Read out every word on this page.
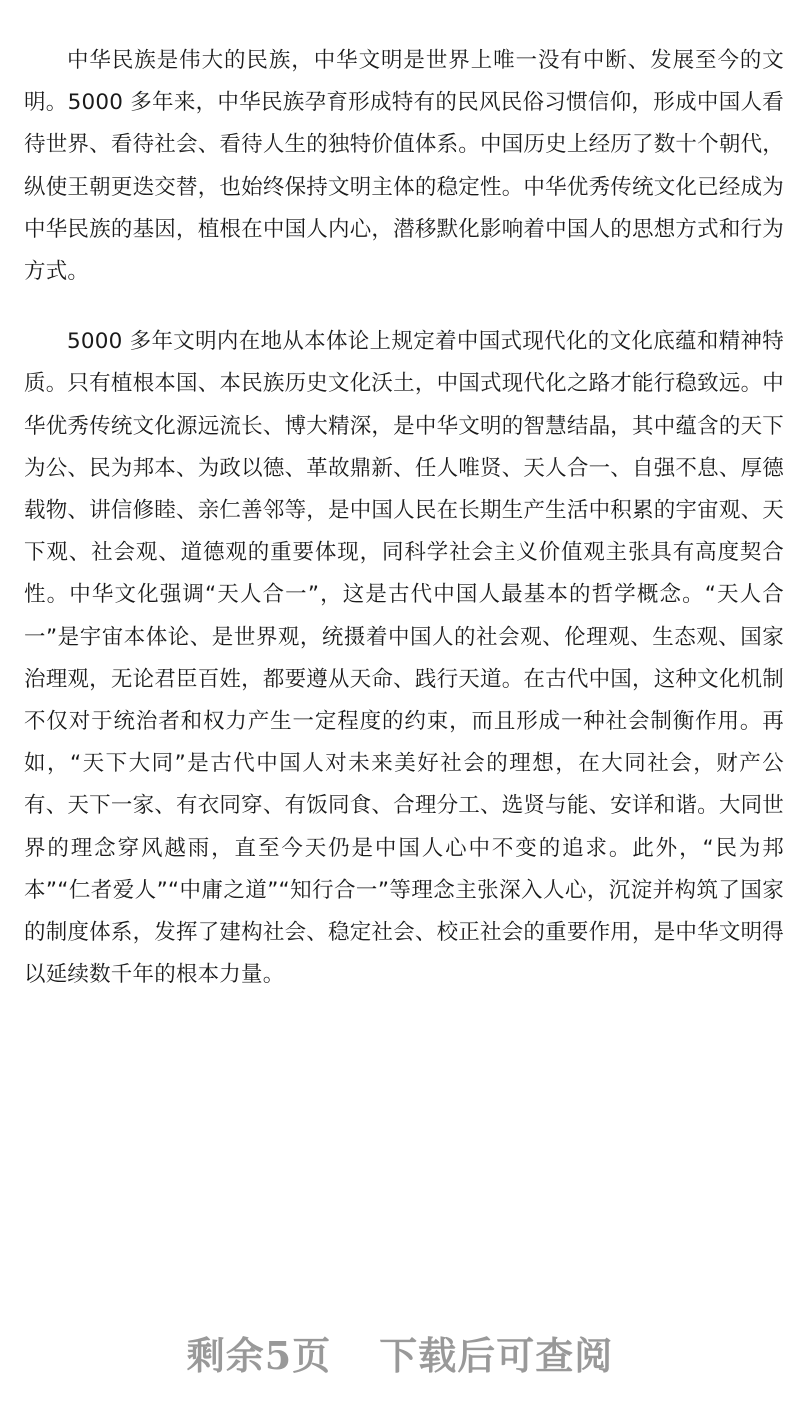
中华民族是伟大的民族，中华文明是世界上唯一没有中断、发展至今的文明。5000 多年来，中华民族孕育形成特有的民风民俗习惯信仰，形成中国人看待世界、看待社会、看待人生的独特价值体系。中国历史上经历了数十个朝代，纵使王朝更迭交替，也始终保持文明主体的稳定性。中华优秀传统文化已经成为中华民族的基因，植根在中国人内心，潜移默化影响着中国人的思想方式和行为方式。

5000 多年文明内在地从本体论上规定着中国式现代化的文化底蕴和精神特质。只有植根本国、本民族历史文化沃土，中国式现代化之路才能行稳致远。中华优秀传统文化源远流长、博大精深，是中华文明的智慧结晶，其中蕴含的天下为公、民为邦本、为政以德、革故鼎新、任人唯贤、天人合一、自强不息、厚德载物、讲信修睦、亲仁善邻等，是中国人民在长期生产生活中积累的宇宙观、天下观、社会观、道德观的重要体现，同科学社会主义价值观主张具有高度契合性。中华文化强调“天人合一”，这是古代中国人最基本的哲学概念。“天人合一”是宇宙本体论、是世界观，统摄着中国人的社会观、伦理观、生态观、国家治理观，无论君臣百姓，都要遵从天命、践行天道。在古代中国，这种文化机制不仅对于统治者和权力产生一定程度的约束，而且形成一种社会制衡作用。再如，“天下大同”是古代中国人对未来美好社会的理想，在大同社会，财产公有、天下一家、有衣同穿、有饭同食、合理分工、选贤与能、安详和谐。大同世界的理念穿风越雨，直至今天仍是中国人心中不变的追求。此外，“民为邦本”“仁者爱人”“中庸之道”“知行合一”等理念主张深入人心，沉淀并构筑了国家的制度体系，发挥了建构社会、稳定社会、校正社会的重要作用，是中华文明得以延续数千年的根本力量。

剩余5页 下载后可查阅
